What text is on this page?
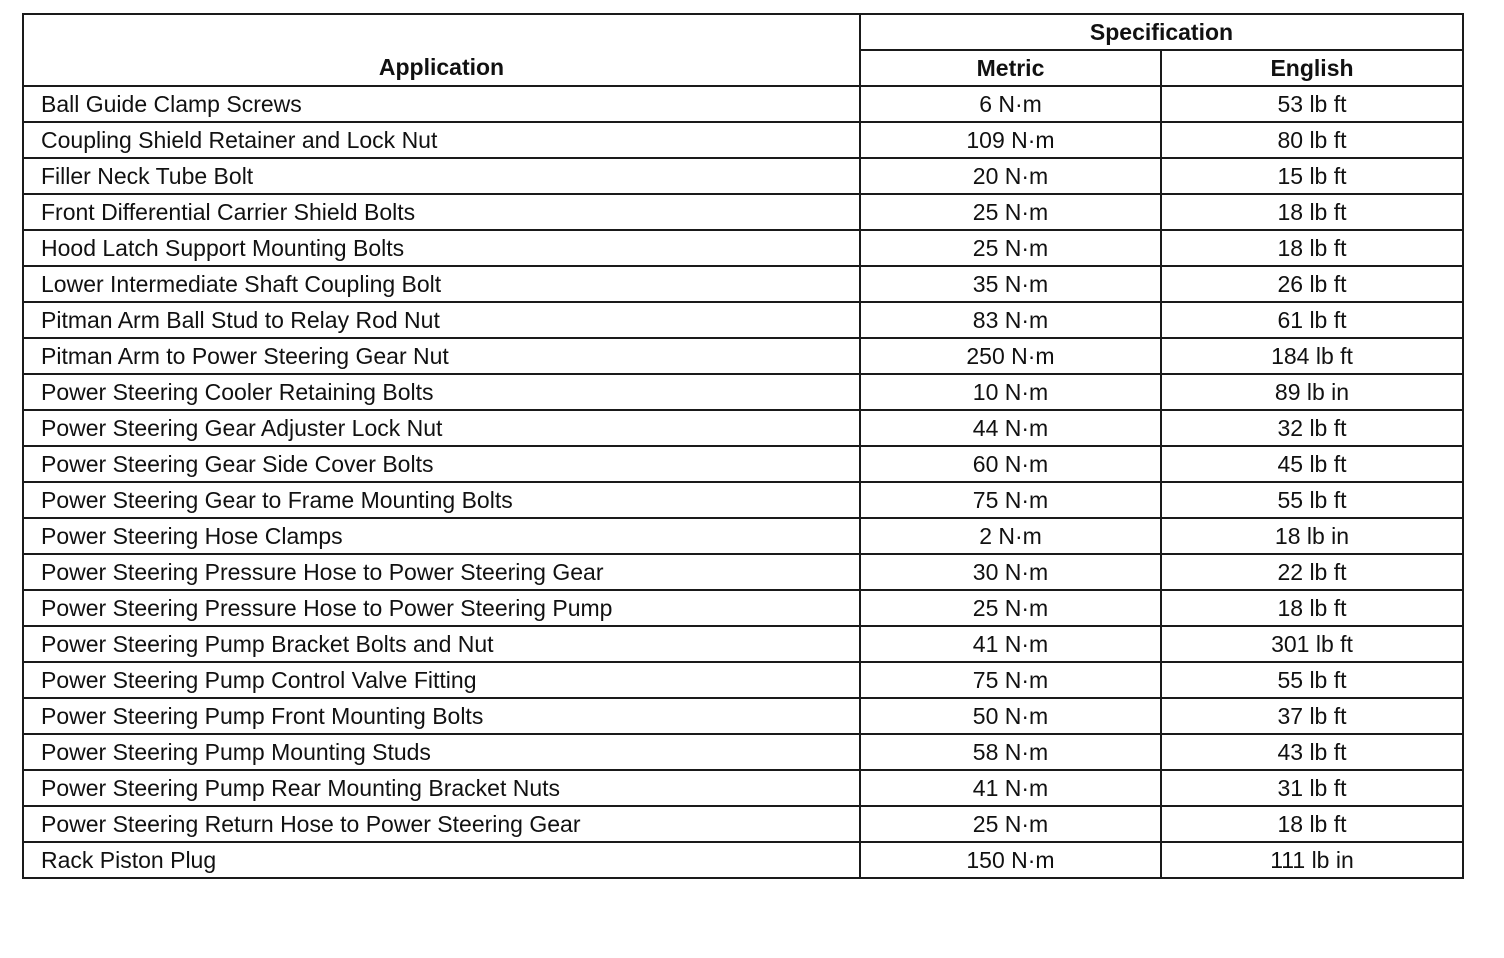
Application	Specification	
	Metric	English
Ball Guide Clamp Screws	6 N·m	53 lb ft
Coupling Shield Retainer and Lock Nut	109 N·m	80 lb ft
Filler Neck Tube Bolt	20 N·m	15 lb ft
Front Differential Carrier Shield Bolts	25 N·m	18 lb ft
Hood Latch Support Mounting Bolts	25 N·m	18 lb ft
Lower Intermediate Shaft Coupling Bolt	35 N·m	26 lb ft
Pitman Arm Ball Stud to Relay Rod Nut	83 N·m	61 lb ft
Pitman Arm to Power Steering Gear Nut	250 N·m	184 lb ft
Power Steering Cooler Retaining Bolts	10 N·m	89 lb in
Power Steering Gear Adjuster Lock Nut	44 N·m	32 lb ft
Power Steering Gear Side Cover Bolts	60 N·m	45 lb ft
Power Steering Gear to Frame Mounting Bolts	75 N·m	55 lb ft
Power Steering Hose Clamps	2 N·m	18 lb in
Power Steering Pressure Hose to Power Steering Gear	30 N·m	22 lb ft
Power Steering Pressure Hose to Power Steering Pump	25 N·m	18 lb ft
Power Steering Pump Bracket Bolts and Nut	41 N·m	301 lb ft
Power Steering Pump Control Valve Fitting	75 N·m	55 lb ft
Power Steering Pump Front Mounting Bolts	50 N·m	37 lb ft
Power Steering Pump Mounting Studs	58 N·m	43 lb ft
Power Steering Pump Rear Mounting Bracket Nuts	41 N·m	31 lb ft
Power Steering Return Hose to Power Steering Gear	25 N·m	18 lb ft
Rack Piston Plug	150 N·m	111 lb in
